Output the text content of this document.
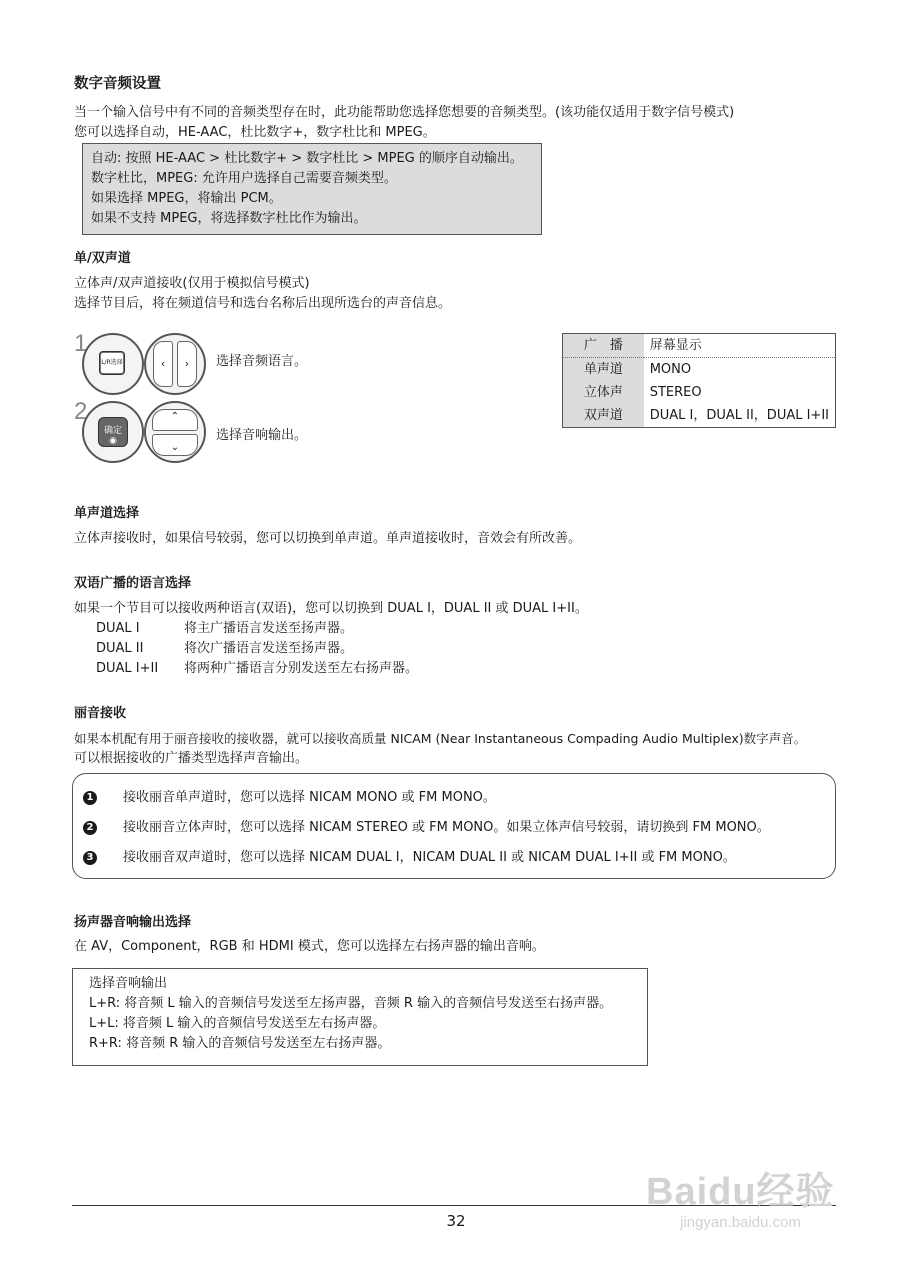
数字音频设置
当一个输入信号中有不同的音频类型存在时，此功能帮助您选择您想要的音频类型。(该功能仅适用于数字信号模式)
您可以选择自动，HE-AAC，杜比数字+，数字杜比和 MPEG。
自动: 按照 HE-AAC > 杜比数字+ > 数字杜比 > MPEG 的顺序自动输出。
数字杜比，MPEG: 允许用户选择自己需要音频类型。
如果选择 MPEG，将输出 PCM。
如果不支持 MPEG，将选择数字杜比作为输出。
单/双声道
立体声/双声道接收(仅用于模拟信号模式)
选择节目后，将在频道信号和选台名称后出现所选台的声音信息。
1
L/R选择	‹	›	选择音频语言。
2
确定
◉
⌃
⌄
选择音响输出。
广　播	屏幕显示
单声道	MONO
立体声	STEREO
双声道	DUAL I，DUAL II，DUAL I+II
单声道选择
立体声接收时，如果信号较弱，您可以切换到单声道。单声道接收时，音效会有所改善。
双语广播的语言选择
如果一个节目可以接收两种语言(双语)，您可以切换到 DUAL I，DUAL II 或 DUAL I+II。
DUAL I	将主广播语言发送至扬声器。
DUAL II	将次广播语言发送至扬声器。
DUAL I+II 将两种广播语言分别发送至左右扬声器。
丽音接收
如果本机配有用于丽音接收的接收器，就可以接收高质量 NICAM (Near Instantaneous Compading Audio Multiplex)数字声音。
可以根据接收的广播类型选择声音输出。
1 接收丽音单声道时，您可以选择 NICAM MONO 或 FM MONO。
2 接收丽音立体声时，您可以选择 NICAM STEREO 或 FM MONO。如果立体声信号较弱，请切换到 FM MONO。
3 接收丽音双声道时，您可以选择 NICAM DUAL I，NICAM DUAL II 或 NICAM DUAL I+II 或 FM MONO。
扬声器音响输出选择
在 AV，Component，RGB 和 HDMI 模式，您可以选择左右扬声器的输出音响。
选择音响输出
L+R: 将音频 L 输入的音频信号发送至左扬声器，音频 R 输入的音频信号发送至右扬声器。
L+L: 将音频 L 输入的音频信号发送至左右扬声器。
R+R: 将音频 R 输入的音频信号发送至左右扬声器。
32
Baidu经验
jingyan.baidu.com
